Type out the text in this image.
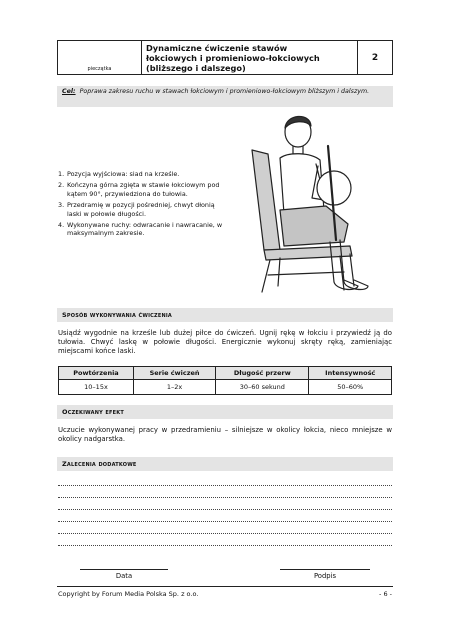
pieczątka
Dynamiczne ćwiczenie stawów
łokciowych i promieniowo-łokciowych
(bliższego i dalszego)
2
Cel: Poprawa zakresu ruchu w stawach łokciowym i promieniowo-łokciowym bliższym i dalszym.
1. Pozycja wyjściowa: siad na krześle.
2. Kończyna górna zgięta w stawie łokciowym pod kątem 90°, przywiedziona do tułowia.
3. Przedramię w pozycji pośredniej, chwyt dłonią laski w połowie długości.
4. Wykonywane ruchy: odwracanie i nawracanie, w maksymalnym zakresie.
Sposób wykonywania ćwiczenia
Usiądź wygodnie na krześle lub dużej piłce do ćwiczeń. Ugnij rękę w łokciu i przywiedź ją do tułowia. Chwyć laskę w połowie długości. Energicznie wykonuj skręty ręką, zamieniając miejscami końce laski.
Powtórzenia	Serie ćwiczeń	Długość przerw	Intensywność
10–15x	1–2x	30–60 sekund	50–60%
Oczekiwany efekt
Uczucie wykonywanej pracy w przedramieniu – silniejsze w okolicy łokcia, nieco mniejsze w okolicy nadgarstka.
Zalecenia dodatkowe
Data	Podpis
Copyright by Forum Media Polska Sp. z o.o.	- 6 -
